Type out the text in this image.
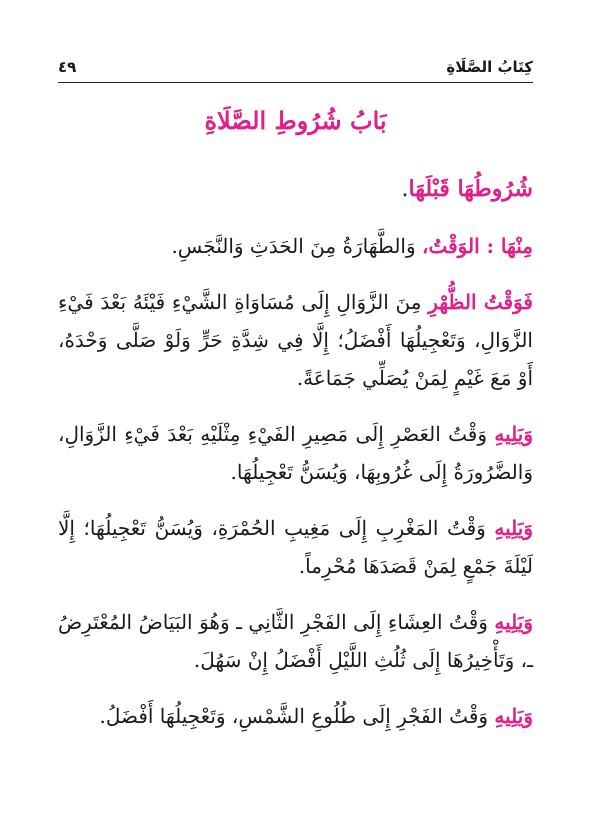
كِتَابُ الصَّلَاةِ
٤٩
بَابُ شُرُوطِ الصَّلَاةِ

شُرُوطُهَا قَبْلَهَا.

مِنْهَا : الوَقْتُ، وَالطَّهَارَةُ مِنَ الحَدَثِ وَالنَّجَسِ.

فَوَقْتُ الظُّهْرِ مِنَ الزَّوَالِ إِلَى مُسَاوَاةِ الشَّيْءِ فَيْئَهُ بَعْدَ فَيْءِ الزَّوَالِ، وَتَعْجِيلُهَا أَفْضَلُ؛ إِلَّا فِي شِدَّةِ حَرٍّ وَلَوْ صَلَّى وَحْدَهُ، أَوْ مَعَ غَيْمٍ لِمَنْ يُصَلِّي جَمَاعَةً.

وَيَلِيهِ وَقْتُ العَصْرِ إِلَى مَصِيرِ الفَيْءِ مِثْلَيْهِ بَعْدَ فَيْءِ الزَّوَالِ، وَالضَّرُورَةُ إِلَى غُرُوبِهَا، وَيُسَنُّ تَعْجِيلُهَا.

وَيَلِيهِ وَقْتُ المَغْرِبِ إِلَى مَغِيبِ الحُمْرَةِ، وَيُسَنُّ تَعْجِيلُهَا؛ إِلَّا لَيْلَةَ جَمْعٍ لِمَنْ قَصَدَهَا مُحْرِماً.

وَيَلِيهِ وَقْتُ العِشَاءِ إِلَى الفَجْرِ الثَّانِي ـ وَهُوَ البَيَاضُ المُعْتَرِضُ ـ، وَتَأْخِيرُهَا إِلَى ثُلُثِ اللَّيْلِ أَفْضَلُ إِنْ سَهُلَ.

وَيَلِيهِ وَقْتُ الفَجْرِ إِلَى طُلُوعِ الشَّمْسِ، وَتَعْجِيلُهَا أَفْضَلُ.
